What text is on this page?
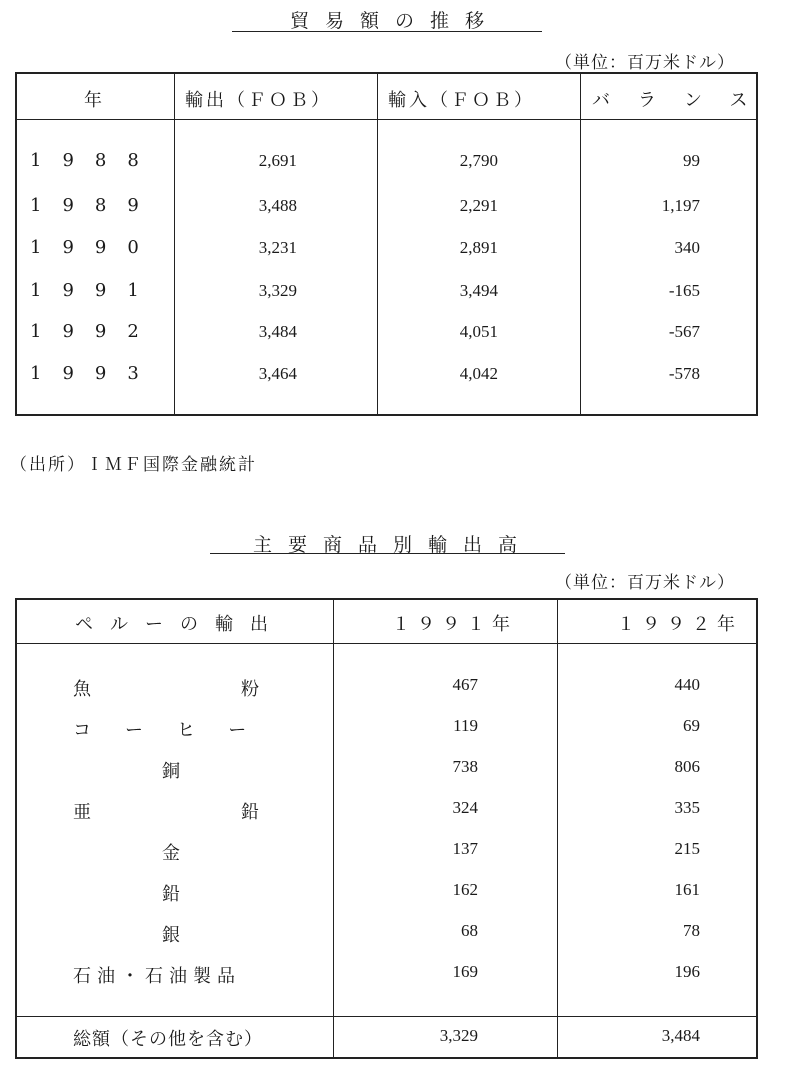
貿易額の推移
（単位：百万米ドル）
年	輸出（ＦＯＢ）	輸入（ＦＯＢ）	バランス
1988	2,691	2,790	99
1989	3,488	2,291	1,197
1990	3,231	2,891	340
1991	3,329	3,494	-165
1992	3,484	4,051	-567
1993	3,464	4,042	-578
（出所）ＩＭＦ国際金融統計
主要商品別輸出高
（単位：百万米ドル）
ペルーの輸出	１９９１年	１９９２年
魚粉	467	440
コーヒー	119	69
銅	738	806
亜鉛	324	335
金	137	215
鉛	162	161
銀	68	78
石油・石油製品	169	196
総額（その他を含む）	3,329	3,484
